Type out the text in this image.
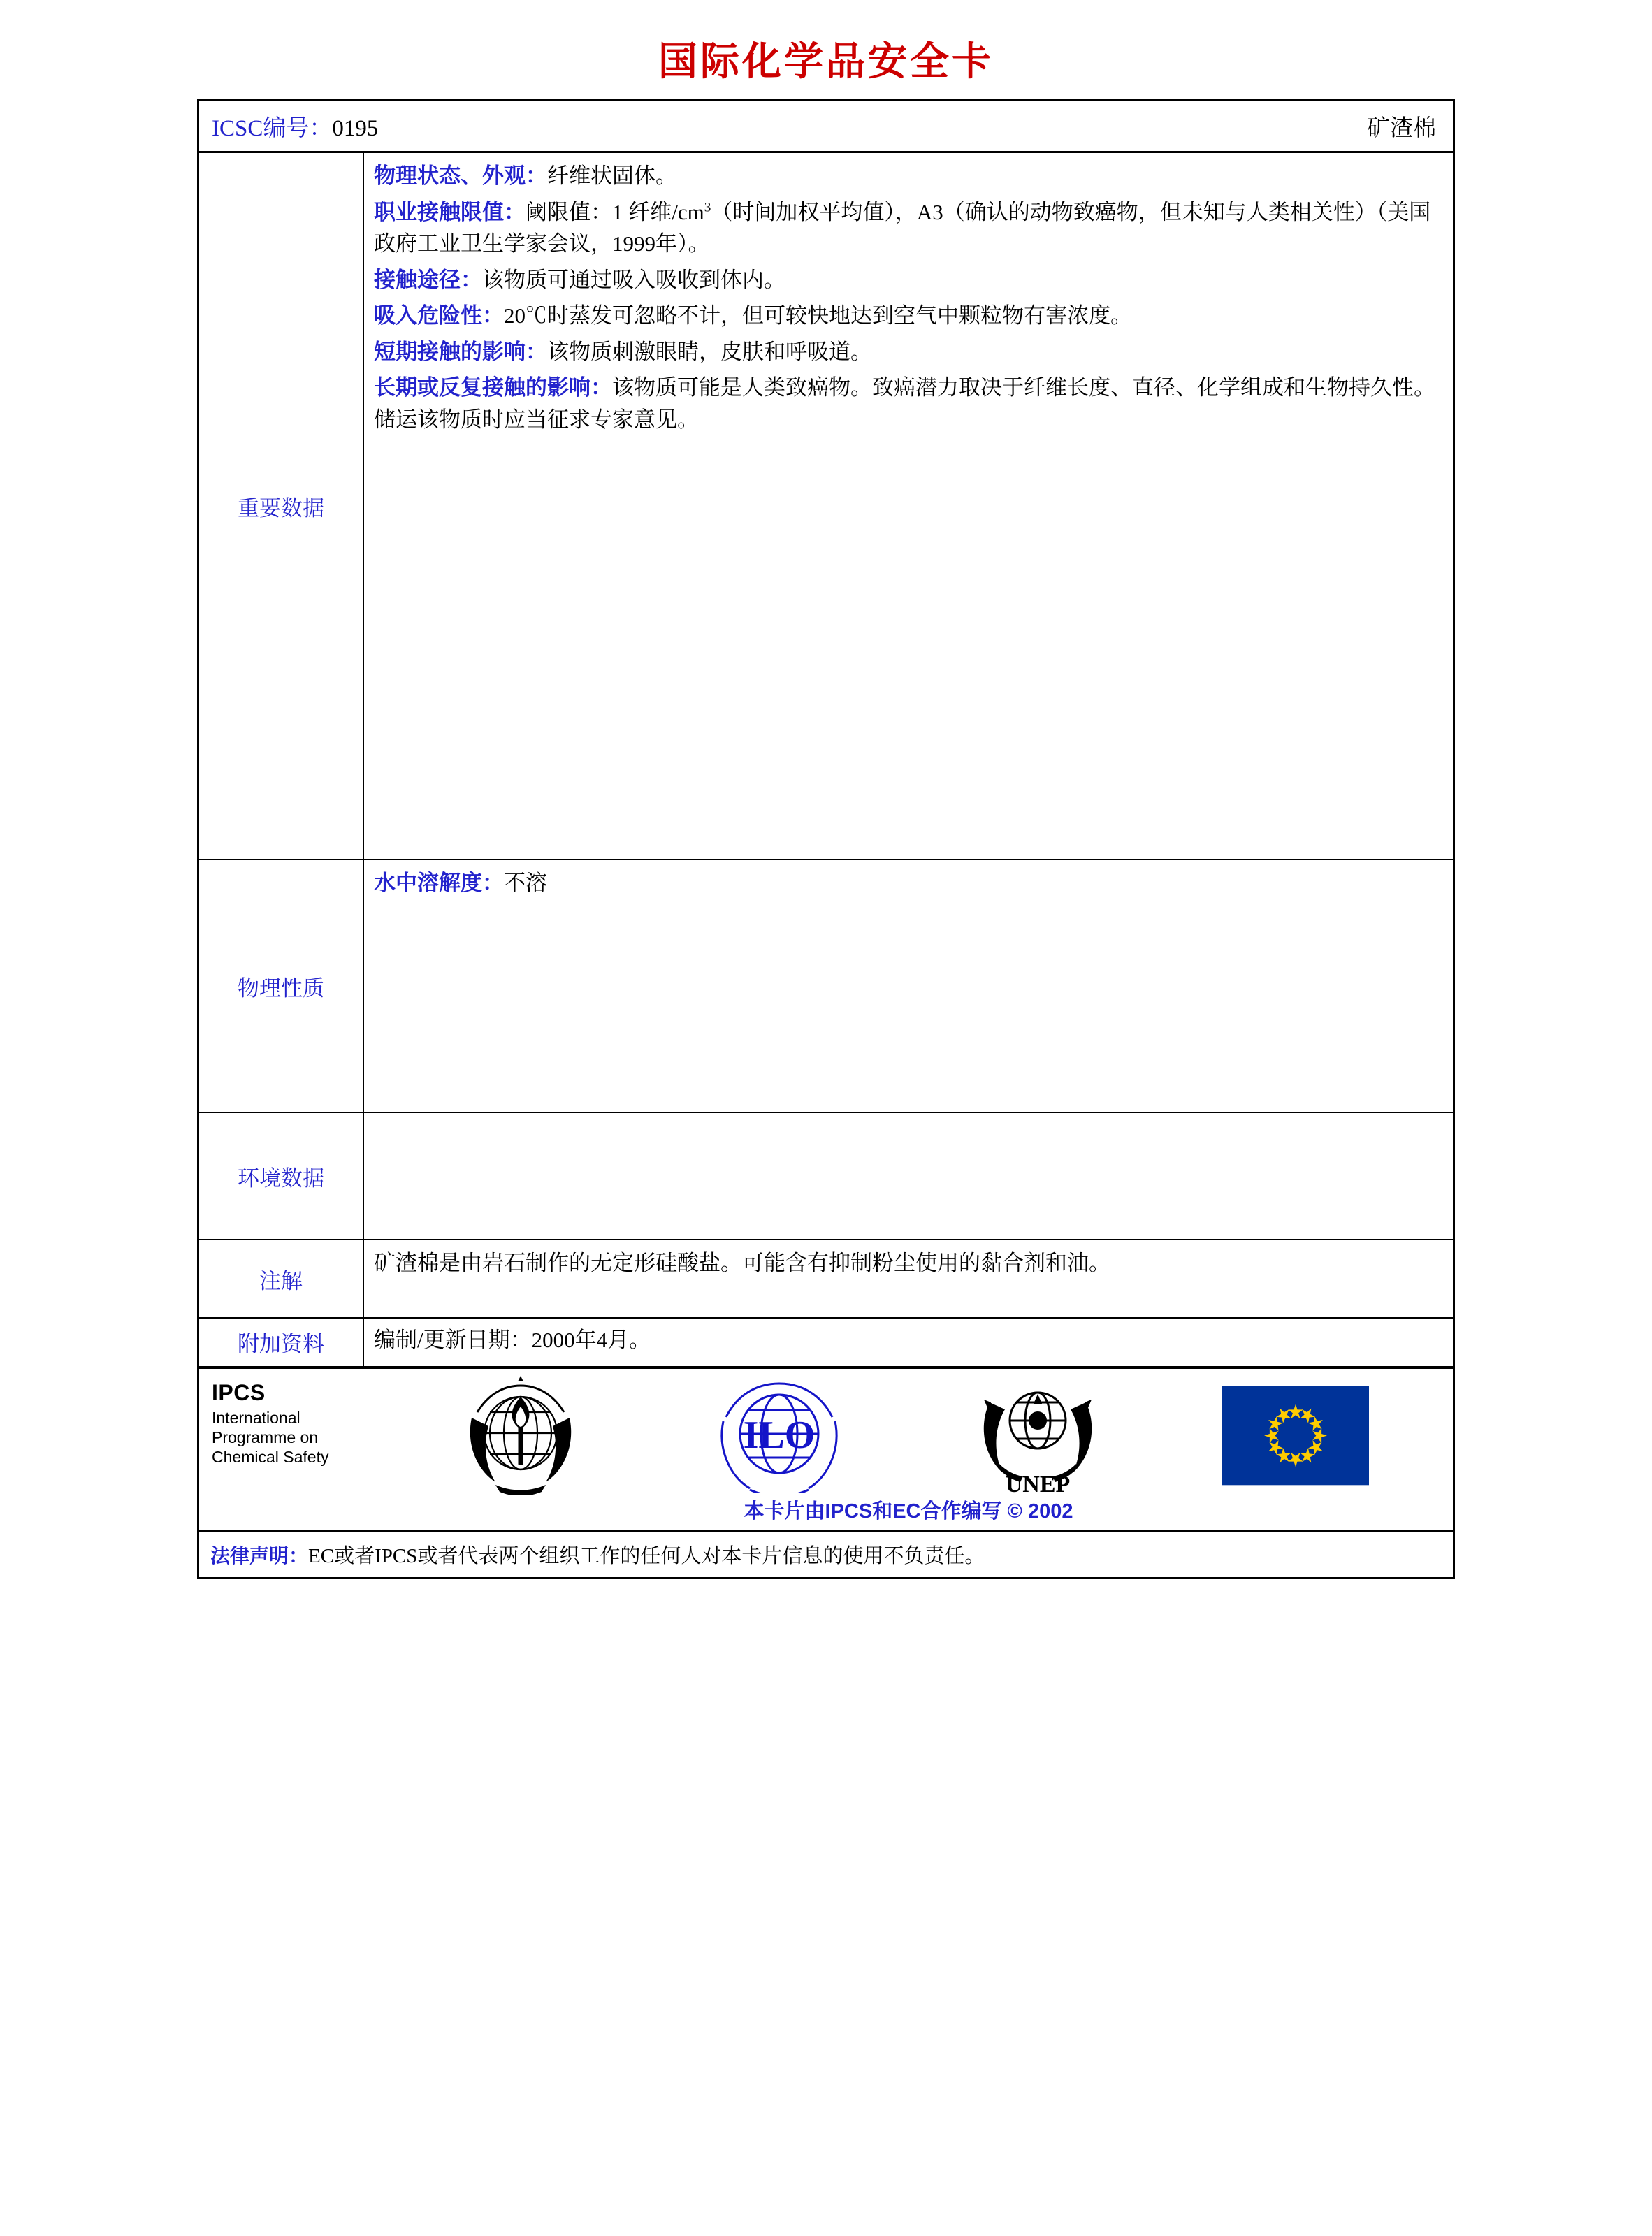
国际化学品安全卡
ICSC编号：0195	矿渣棉
重要数据

物理状态、外观：纤维状固体。

职业接触限值：阈限值：1 纤维$/cm^3$（时间加权平均值），A3（确认的动物致癌物，但未知与人类相关性）（美国政府工业卫生学家会议，1999年）。

接触途径：该物质可通过吸入吸收到体内。

吸入危险性：20℃时蒸发可忽略不计，但可较快地达到空气中颗粒物有害浓度。

短期接触的影响：该物质刺激眼睛，皮肤和呼吸道。

长期或反复接触的影响：该物质可能是人类致癌物。致癌潜力取决于纤维长度、直径、化学组成和生物持久性。储运该物质时应当征求专家意见。

物理性质

水中溶解度：不溶

环境数据
注解

矿渣棉是由岩石制作的无定形硅酸盐。可能含有抑制粉尘使用的黏合剂和油。

附加资料	编制/更新日期：2000年4月。

IPCS
International
Programme on
Chemical Safety
ILO
UNEP
本卡片由IPCS和EC合作编写 © 2002
法律声明：EC或者IPCS或者代表两个组织工作的任何人对本卡片信息的使用不负责任。
